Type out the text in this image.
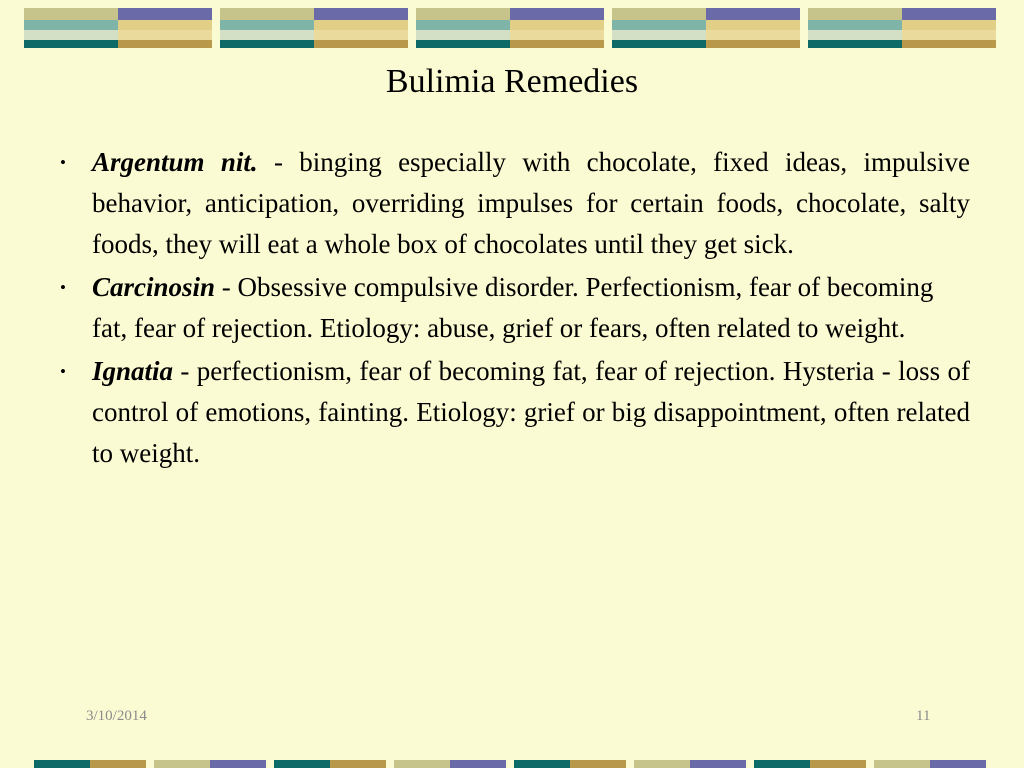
Bulimia Remedies
• Argentum nit. - binging especially with chocolate, fixed ideas, impulsive behavior, anticipation, overriding impulses for certain foods, chocolate, salty foods, they will eat a whole box of chocolates until they get sick.
• Carcinosin - Obsessive compulsive disorder. Perfectionism, fear of becoming fat, fear of rejection. Etiology: abuse, grief or fears, often related to weight.
• Ignatia - perfectionism, fear of becoming fat, fear of rejection. Hysteria - loss of control of emotions, fainting. Etiology: grief or big disappointment, often related to weight.
3/10/2014	11
